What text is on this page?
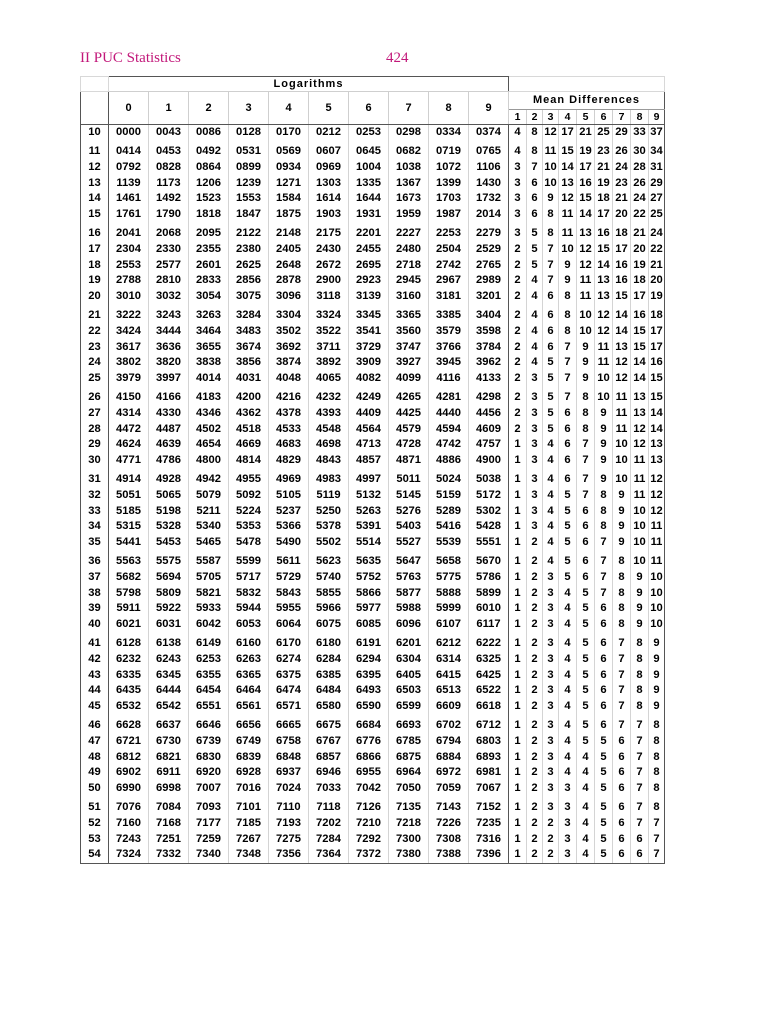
II PUC Statistics	424
	Logarithms																		
	0	1	2	3	4	5	6	7	8	9	Mean Differences								
											1	2	3	4	5	6	7	8	9
10	0000	0043	0086	0128	0170	0212	0253	0298	0334	0374	4	8	12	17	21	25	29	33	37

11	0414	0453	0492	0531	0569	0607	0645	0682	0719	0765	4	8	11	15	19	23	26	30	34
12	0792	0828	0864	0899	0934	0969	1004	1038	1072	1106	3	7	10	14	17	21	24	28	31
13	1139	1173	1206	1239	1271	1303	1335	1367	1399	1430	3	6	10	13	16	19	23	26	29
14	1461	1492	1523	1553	1584	1614	1644	1673	1703	1732	3	6	9	12	15	18	21	24	27
15	1761	1790	1818	1847	1875	1903	1931	1959	1987	2014	3	6	8	11	14	17	20	22	25

16	2041	2068	2095	2122	2148	2175	2201	2227	2253	2279	3	5	8	11	13	16	18	21	24
17	2304	2330	2355	2380	2405	2430	2455	2480	2504	2529	2	5	7	10	12	15	17	20	22
18	2553	2577	2601	2625	2648	2672	2695	2718	2742	2765	2	5	7	9	12	14	16	19	21
19	2788	2810	2833	2856	2878	2900	2923	2945	2967	2989	2	4	7	9	11	13	16	18	20
20	3010	3032	3054	3075	3096	3118	3139	3160	3181	3201	2	4	6	8	11	13	15	17	19

21	3222	3243	3263	3284	3304	3324	3345	3365	3385	3404	2	4	6	8	10	12	14	16	18
22	3424	3444	3464	3483	3502	3522	3541	3560	3579	3598	2	4	6	8	10	12	14	15	17
23	3617	3636	3655	3674	3692	3711	3729	3747	3766	3784	2	4	6	7	9	11	13	15	17
24	3802	3820	3838	3856	3874	3892	3909	3927	3945	3962	2	4	5	7	9	11	12	14	16
25	3979	3997	4014	4031	4048	4065	4082	4099	4116	4133	2	3	5	7	9	10	12	14	15

26	4150	4166	4183	4200	4216	4232	4249	4265	4281	4298	2	3	5	7	8	10	11	13	15
27	4314	4330	4346	4362	4378	4393	4409	4425	4440	4456	2	3	5	6	8	9	11	13	14
28	4472	4487	4502	4518	4533	4548	4564	4579	4594	4609	2	3	5	6	8	9	11	12	14
29	4624	4639	4654	4669	4683	4698	4713	4728	4742	4757	1	3	4	6	7	9	10	12	13
30	4771	4786	4800	4814	4829	4843	4857	4871	4886	4900	1	3	4	6	7	9	10	11	13

31	4914	4928	4942	4955	4969	4983	4997	5011	5024	5038	1	3	4	6	7	9	10	11	12
32	5051	5065	5079	5092	5105	5119	5132	5145	5159	5172	1	3	4	5	7	8	9	11	12
33	5185	5198	5211	5224	5237	5250	5263	5276	5289	5302	1	3	4	5	6	8	9	10	12
34	5315	5328	5340	5353	5366	5378	5391	5403	5416	5428	1	3	4	5	6	8	9	10	11
35	5441	5453	5465	5478	5490	5502	5514	5527	5539	5551	1	2	4	5	6	7	9	10	11

36	5563	5575	5587	5599	5611	5623	5635	5647	5658	5670	1	2	4	5	6	7	8	10	11
37	5682	5694	5705	5717	5729	5740	5752	5763	5775	5786	1	2	3	5	6	7	8	9	10
38	5798	5809	5821	5832	5843	5855	5866	5877	5888	5899	1	2	3	4	5	7	8	9	10
39	5911	5922	5933	5944	5955	5966	5977	5988	5999	6010	1	2	3	4	5	6	8	9	10
40	6021	6031	6042	6053	6064	6075	6085	6096	6107	6117	1	2	3	4	5	6	8	9	10

41	6128	6138	6149	6160	6170	6180	6191	6201	6212	6222	1	2	3	4	5	6	7	8	9
42	6232	6243	6253	6263	6274	6284	6294	6304	6314	6325	1	2	3	4	5	6	7	8	9
43	6335	6345	6355	6365	6375	6385	6395	6405	6415	6425	1	2	3	4	5	6	7	8	9
44	6435	6444	6454	6464	6474	6484	6493	6503	6513	6522	1	2	3	4	5	6	7	8	9
45	6532	6542	6551	6561	6571	6580	6590	6599	6609	6618	1	2	3	4	5	6	7	8	9

46	6628	6637	6646	6656	6665	6675	6684	6693	6702	6712	1	2	3	4	5	6	7	7	8
47	6721	6730	6739	6749	6758	6767	6776	6785	6794	6803	1	2	3	4	5	5	6	7	8
48	6812	6821	6830	6839	6848	6857	6866	6875	6884	6893	1	2	3	4	4	5	6	7	8
49	6902	6911	6920	6928	6937	6946	6955	6964	6972	6981	1	2	3	4	4	5	6	7	8
50	6990	6998	7007	7016	7024	7033	7042	7050	7059	7067	1	2	3	3	4	5	6	7	8

51	7076	7084	7093	7101	7110	7118	7126	7135	7143	7152	1	2	3	3	4	5	6	7	8
52	7160	7168	7177	7185	7193	7202	7210	7218	7226	7235	1	2	2	3	4	5	6	7	7
53	7243	7251	7259	7267	7275	7284	7292	7300	7308	7316	1	2	2	3	4	5	6	6	7
54	7324	7332	7340	7348	7356	7364	7372	7380	7388	7396	1	2	2	3	4	5	6	6	7
